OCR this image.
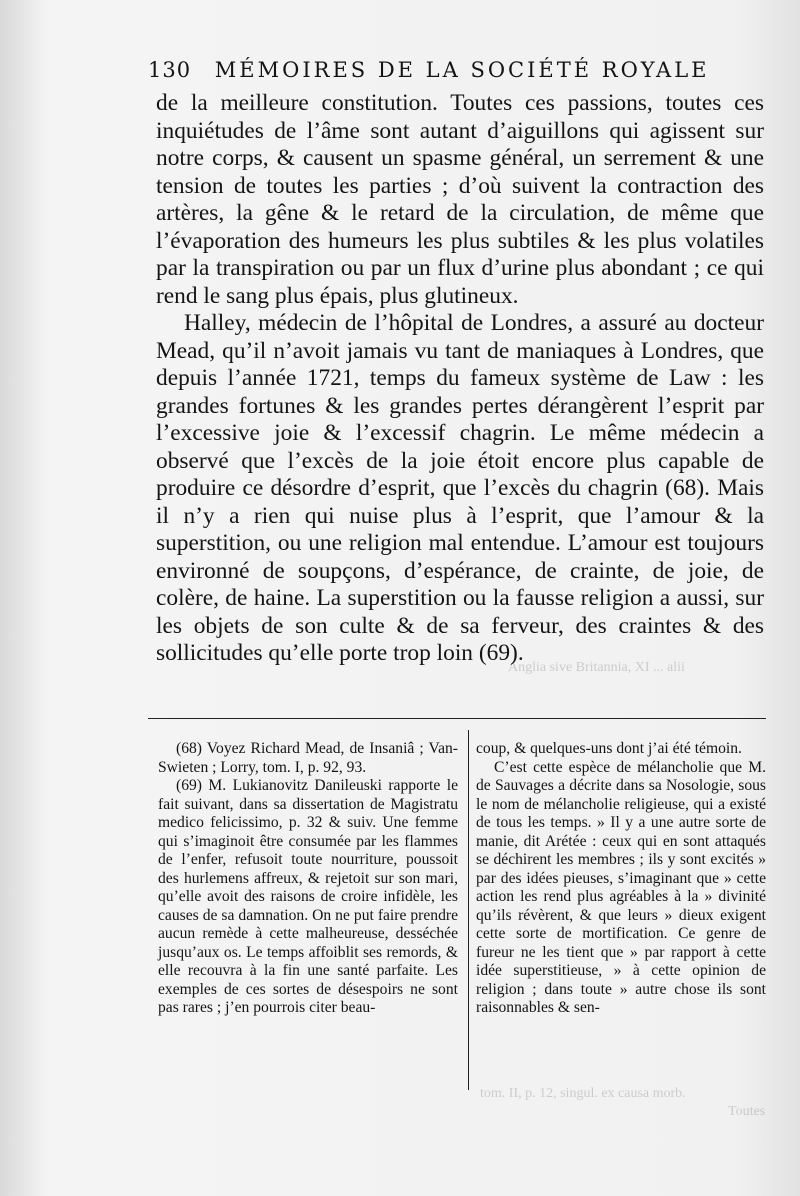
130 MÉMOIRES DE LA SOCIÉTÉ ROYALE

de la meilleure constitution. Toutes ces passions, toutes ces inquiétudes de l’âme sont autant d’aiguillons qui agissent sur notre corps, & causent un spasme général, un serrement & une tension de toutes les parties ; d’où suivent la contraction des artères, la gêne & le retard de la circulation, de même que l’évaporation des humeurs les plus subtiles & les plus volatiles par la transpiration ou par un flux d’urine plus abondant ; ce qui rend le sang plus épais, plus glutineux.

Halley, médecin de l’hôpital de Londres, a assuré au docteur Mead, qu’il n’avoit jamais vu tant de maniaques à Londres, que depuis l’année 1721, temps du fameux système de Law : les grandes fortunes & les grandes pertes dérangèrent l’esprit par l’excessive joie & l’excessif chagrin. Le même médecin a observé que l’excès de la joie étoit encore plus capable de produire ce désordre d’esprit, que l’excès du chagrin (68). Mais il n’y a rien qui nuise plus à l’esprit, que l’amour & la superstition, ou une religion mal entendue. L’amour est toujours environné de soupçons, d’espérance, de crainte, de joie, de colère, de haine. La superstition ou la fausse religion a aussi, sur les objets de son culte & de sa ferveur, des craintes & des sollicitudes qu’elle porte trop loin (69).

Anglia sive Britannia, XI ... alii
tom. II, p. 12, singul. ex causa morb.
Toutes

(68) Voyez Richard Mead, de Insaniâ ; Van-Swieten ; Lorry, tom. I, p. 92, 93.

(69) M. Lukianovitz Danileuski rapporte le fait suivant, dans sa dissertation de Magistratu medico felicissimo, p. 32 & suiv. Une femme qui s’imaginoit être consumée par les flammes de l’enfer, refusoit toute nourriture, poussoit des hurlemens affreux, & rejetoit sur son mari, qu’elle avoit des raisons de croire infidèle, les causes de sa damnation. On ne put faire prendre aucun remède à cette malheureuse, desséchée jusqu’aux os. Le temps affoiblit ses remords, & elle recouvra à la fin une santé parfaite. Les exemples de ces sortes de désespoirs ne sont pas rares ; j’en pourrois citer beau-

coup, & quelques-uns dont j’ai été témoin.

C’est cette espèce de mélancholie que M. de Sauvages a décrite dans sa Nosologie, sous le nom de mélancholie religieuse, qui a existé de tous les temps. » Il y a une autre sorte de manie, dit Arétée : ceux qui en sont attaqués se déchirent les membres ; ils y sont excités » par des idées pieuses, s’imaginant que » cette action les rend plus agréables à la » divinité qu’ils révèrent, & que leurs » dieux exigent cette sorte de mortification. Ce genre de fureur ne les tient que » par rapport à cette idée superstitieuse, » à cette opinion de religion ; dans toute » autre chose ils sont raisonnables & sen-
